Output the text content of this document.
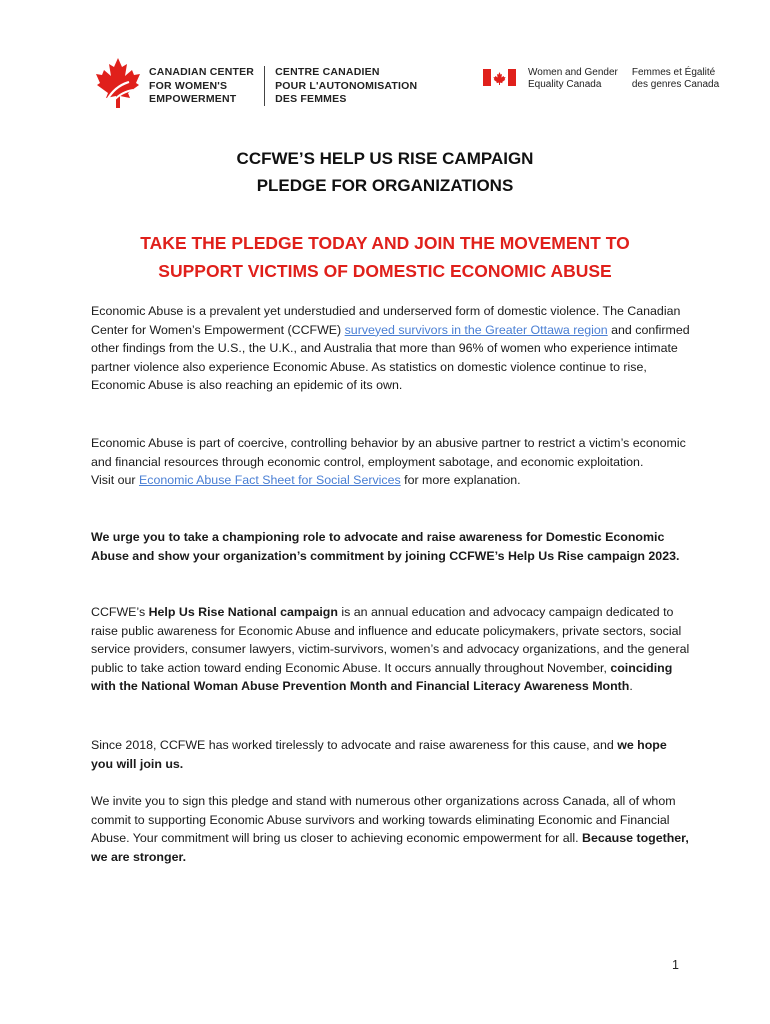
CANADIAN CENTER
FOR WOMEN'S
EMPOWERMENT
CENTRE CANADIEN
POUR L'AUTONOMISATION
DES FEMMES
Women and Gender
Equality Canada
Femmes et Égalité
des genres Canada
CCFWE’S HELP US RISE CAMPAIGN
PLEDGE FOR ORGANIZATIONS
TAKE THE PLEDGE TODAY AND JOIN THE MOVEMENT TO
SUPPORT VICTIMS OF DOMESTIC ECONOMIC ABUSE

Economic Abuse is a prevalent yet understudied and underserved form of domestic violence. The Canadian Center for Women’s Empowerment (CCFWE) surveyed survivors in the Greater Ottawa region and confirmed other findings from the U.S., the U.K., and Australia that more than 96% of women who experience intimate partner violence also experience Economic Abuse. As statistics on domestic violence continue to rise, Economic Abuse is also reaching an epidemic of its own.

Economic Abuse is part of coercive, controlling behavior by an abusive partner to restrict a victim’s economic and financial resources through economic control, employment sabotage, and economic exploitation.

Visit our Economic Abuse Fact Sheet for Social Services for more explanation.

We urge you to take a championing role to advocate and raise awareness for Domestic Economic Abuse and show your organization’s commitment by joining CCFWE’s Help Us Rise campaign 2023.

CCFWE’s Help Us Rise National campaign is an annual education and advocacy campaign dedicated to raise public awareness for Economic Abuse and influence and educate policymakers, private sectors, social service providers, consumer lawyers, victim-survivors, women’s and advocacy organizations, and the general public to take action toward ending Economic Abuse. It occurs annually throughout November, coinciding with the National Woman Abuse Prevention Month and Financial Literacy Awareness Month.

Since 2018, CCFWE has worked tirelessly to advocate and raise awareness for this cause, and we hope you will join us.

We invite you to sign this pledge and stand with numerous other organizations across Canada, all of whom commit to supporting Economic Abuse survivors and working towards eliminating Economic and Financial Abuse. Your commitment will bring us closer to achieving economic empowerment for all. Because together, we are stronger.

1
